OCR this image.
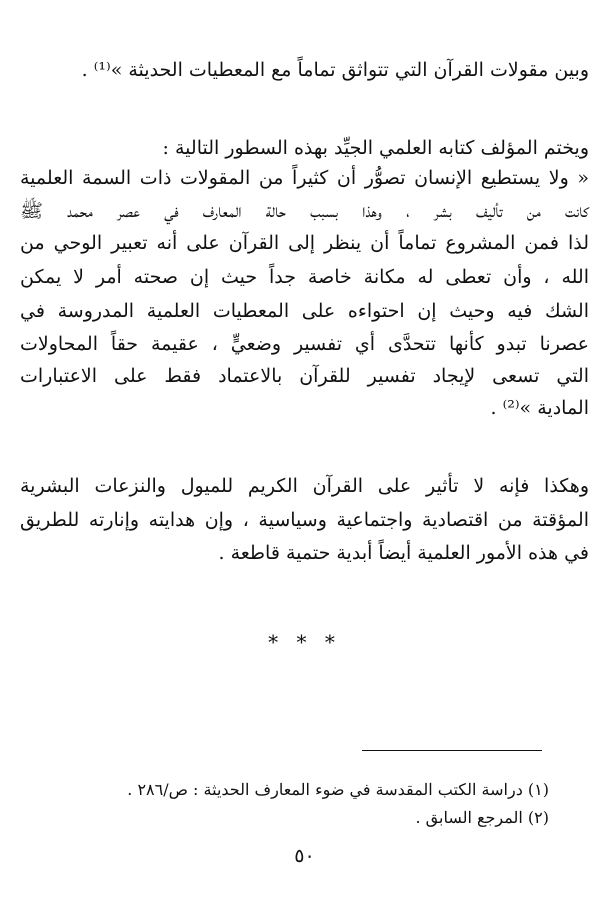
وبين مقولات القرآن التي تتواثق تماماً مع المعطيات الحديثة »⁽¹⁾ .
ويختم المؤلف كتابه العلمي الجيِّد بهذه السطور التالية :
« ولا يستطيع الإنسان تصوُّر أن كثيراً من المقولات ذات السمة العلمية
كانت من تأليف بشر ، وهذا بسبب حالة المعارف في عصر محمد ﷺ
لذا فمن المشروع تماماً أن ينظر إلى القرآن على أنه تعبير الوحي من
الله ، وأن تعطى له مكانة خاصة جداً حيث إن صحته أمر لا يمكن
الشك فيه وحيث إن احتواءه على المعطيات العلمية المدروسة في
عصرنا تبدو كأنها تتحدَّى أي تفسير وضعيٍّ ، عقيمة حقاً المحاولات
التي تسعى لإيجاد تفسير للقرآن بالاعتماد فقط على الاعتبارات
المادية »⁽²⁾ .
وهكذا فإنه لا تأثير على القرآن الكريم للميول والنزعات البشرية
المؤقتة من اقتصادية واجتماعية وسياسية ، وإن هدايته وإنارته للطريق
في هذه الأمور العلمية أيضاً أبدية حتمية قاطعة .
* * *
(١) دراسة الكتب المقدسة في ضوء المعارف الحديثة : ص/٢٨٦ .
(٢) المرجع السابق .
٥٠
